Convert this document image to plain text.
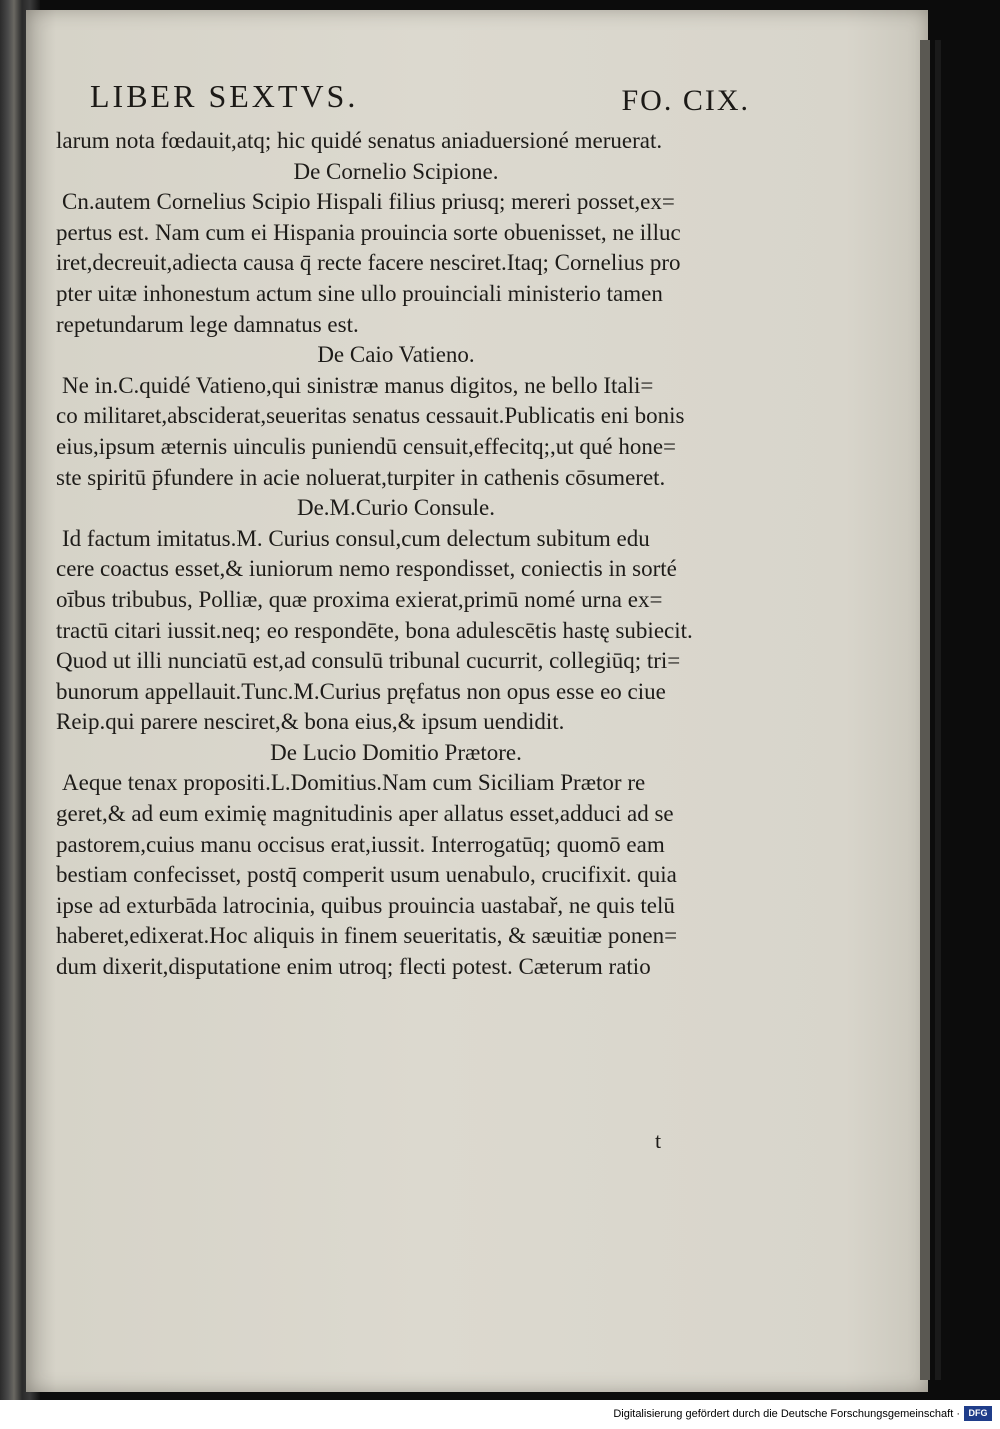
LIBER SEXTVS.	FO. CIX.
larum nota fœdauit,atq; hic quidé senatus aniaduersioné meruerat.
De Cornelio Scipione.
Cn.autem Cornelius Scipio Hispali filius priusq; mereri posset,ex=
pertus est. Nam cum ei Hispania prouincia sorte obuenisset, ne illuc
iret,decreuit,adiecta causa q̄ recte facere nesciret.Itaq; Cornelius pro
pter uitæ inhonestum actum sine ullo prouinciali ministerio tamen
repetundarum lege damnatus est.
De Caio Vatieno.
Ne in.C.quidé Vatieno,qui sinistræ manus digitos, ne bello Itali=
co militaret,absciderat,seueritas senatus cessauit.Publicatis eni bonis
eius,ipsum æternis uinculis puniendū censuit,effecitq;,ut qué hone=
ste spiritū p̄fundere in acie noluerat,turpiter in cathenis cōsumeret.
De.M.Curio Consule.
Id factum imitatus.M. Curius consul,cum delectum subitum edu
cere coactus esset,& iuniorum nemo respondisset, coniectis in sorté
oībus tribubus, Polliæ, quæ proxima exierat,primū nomé urna ex=
tractū citari iussit.neq; eo respondēte, bona adulescētis hastę subiecit.
Quod ut illi nunciatū est,ad consulū tribunal cucurrit, collegiūq; tri=
bunorum appellauit.Tunc.M.Curius pręfatus non opus esse eo ciue
Reip.qui parere nesciret,& bona eius,& ipsum uendidit.
De Lucio Domitio Prætore.
Aeque tenax propositi.L.Domitius.Nam cum Siciliam Prætor re
geret,& ad eum eximię magnitudinis aper allatus esset,adduci ad se
pastorem,cuius manu occisus erat,iussit. Interrogatūq; quomō eam
bestiam confecisset, postq̄ comperit usum uenabulo, crucifixit. quia
ipse ad exturbāda latrocinia, quibus prouincia uastabař, ne quis telū
haberet,edixerat.Hoc aliquis in finem seueritatis, & sæuitiæ ponen=
dum dixerit,disputatione enim utroq; flecti potest. Cæterum ratio
t
Digitalisierung gefördert durch die Deutsche Forschungsgemeinschaft · DFG
